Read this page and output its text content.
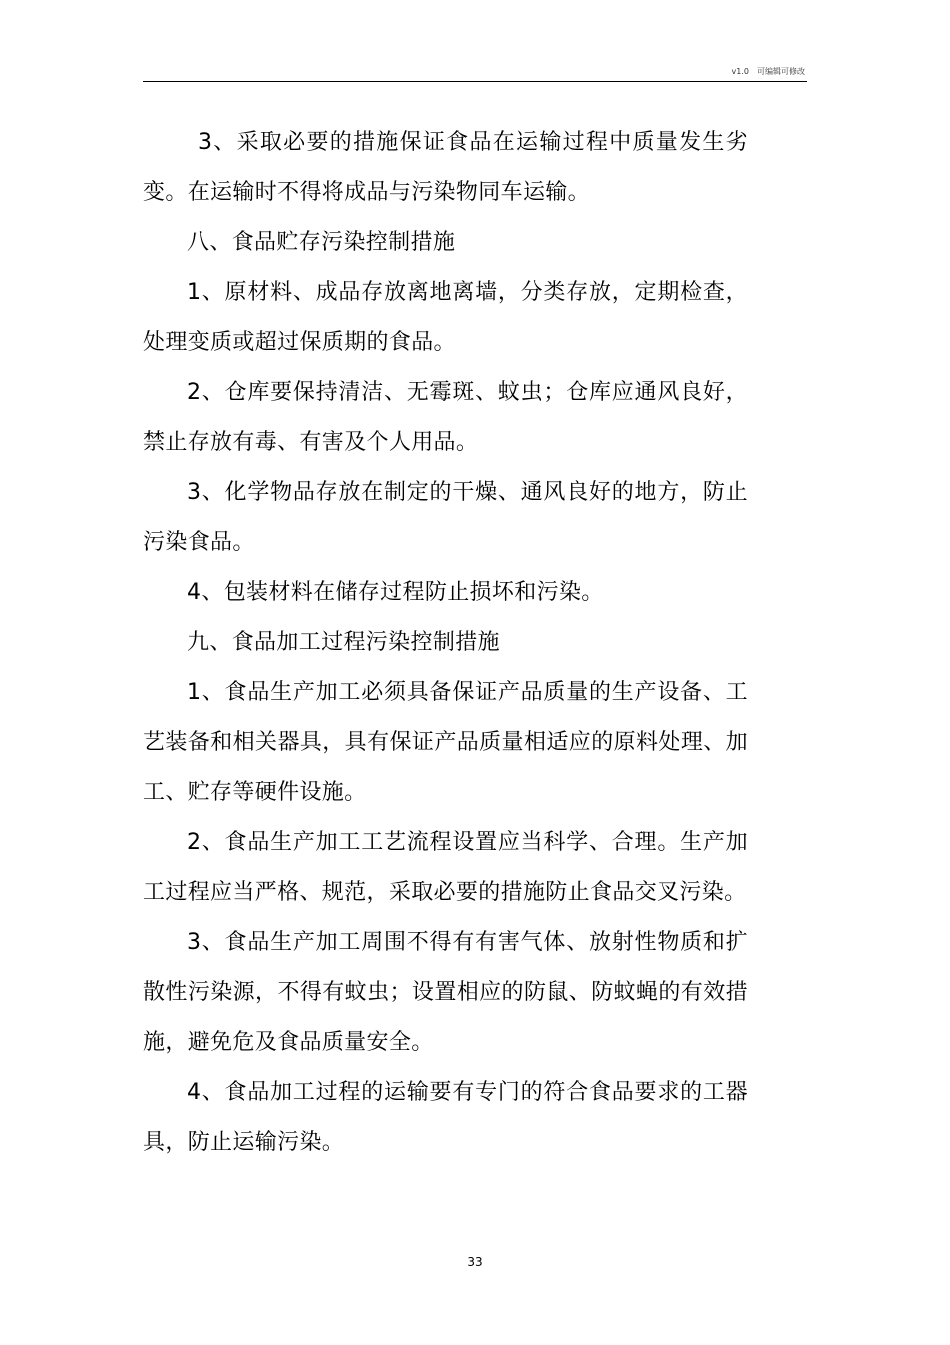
v1.0　可编辑可修改

3、采取必要的措施保证食品在运输过程中质量发生劣变。在运输时不得将成品与污染物同车运输。

八、食品贮存污染控制措施

1、原材料、成品存放离地离墙，分类存放，定期检查，处理变质或超过保质期的食品。

2、仓库要保持清洁、无霉斑、蚊虫；仓库应通风良好，禁止存放有毒、有害及个人用品。

3、化学物品存放在制定的干燥、通风良好的地方，防止污染食品。

4、包装材料在储存过程防止损坏和污染。

九、食品加工过程污染控制措施

1、食品生产加工必须具备保证产品质量的生产设备、工艺装备和相关器具，具有保证产品质量相适应的原料处理、加工、贮存等硬件设施。

2、食品生产加工工艺流程设置应当科学、合理。生产加工过程应当严格、规范，采取必要的措施防止食品交叉污染。

3、食品生产加工周围不得有有害气体、放射性物质和扩散性污染源，不得有蚊虫；设置相应的防鼠、防蚊蝇的有效措施，避免危及食品质量安全。

4、食品加工过程的运输要有专门的符合食品要求的工器具，防止运输污染。

33
